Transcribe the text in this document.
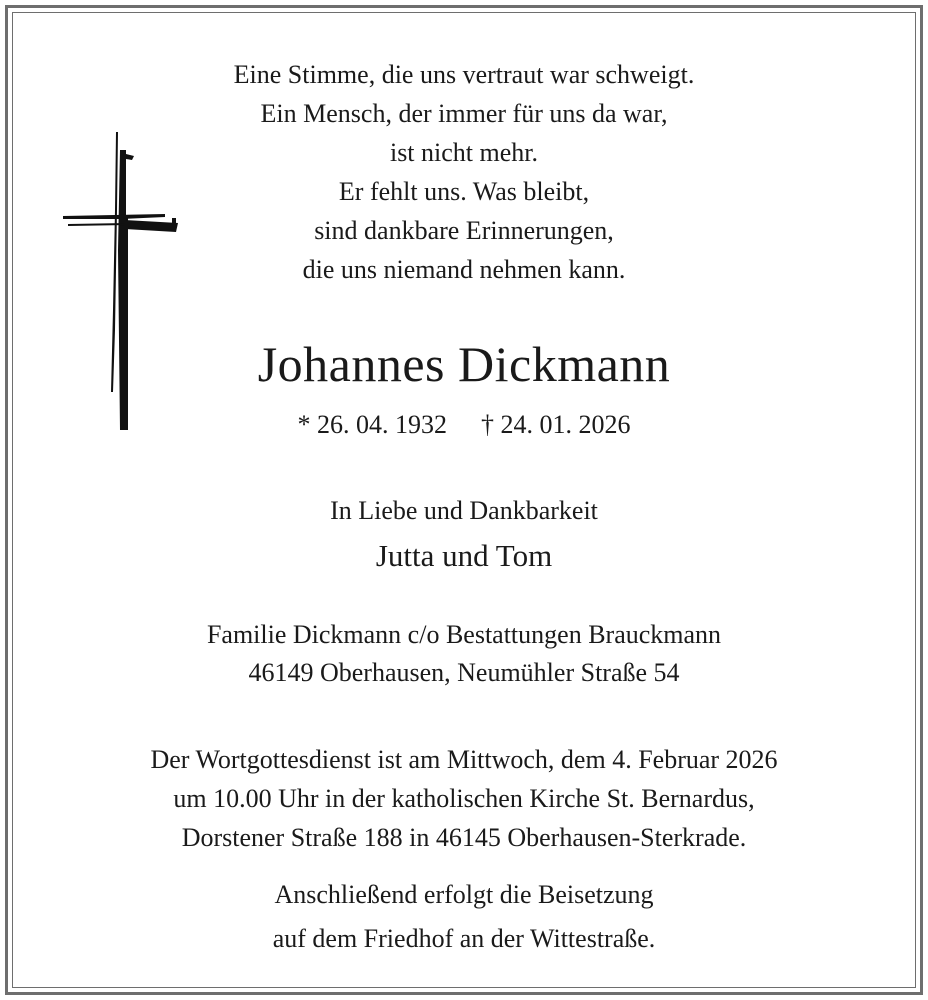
Eine Stimme, die uns vertraut war schweigt.
Ein Mensch, der immer für uns da war,
ist nicht mehr.
Er fehlt uns. Was bleibt,
sind dankbare Erinnerungen,
die uns niemand nehmen kann.
Johannes Dickmann
* 26. 04. 1932 † 24. 01. 2026
In Liebe und Dankbarkeit
Jutta und Tom
Familie Dickmann c/o Bestattungen Brauckmann
46149 Oberhausen, Neumühler Straße 54
Der Wortgottesdienst ist am Mittwoch, dem 4. Februar 2026
um 10.00 Uhr in der katholischen Kirche St. Bernardus,
Dorstener Straße 188 in 46145 Oberhausen-Sterkrade.
Anschließend erfolgt die Beisetzung
auf dem Friedhof an der Wittestraße.
